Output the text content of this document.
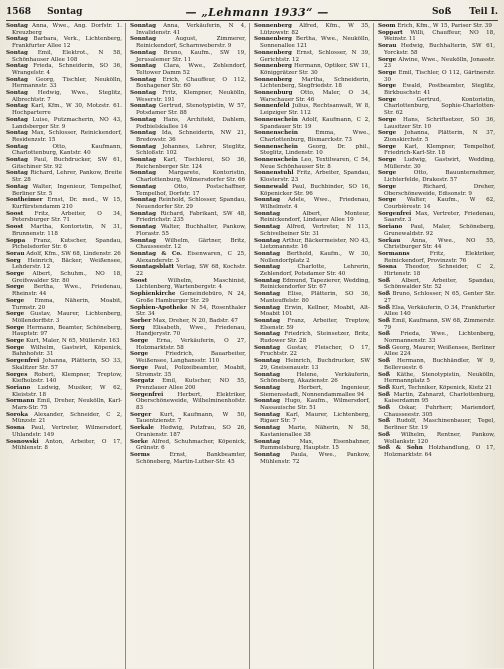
1568 Sontag	— „Lehmann 1933“ —	Soß Teil I.

Sontag Anna, Wwe., Ang. Dorfstr. 1. Kreuzberg

Sontag Barbara, Verk., Lichtenberg, Frankfurter Allee 12

Sontag Emil, Elektrot., N 58, Schönhauser Allee 108

Sontag Frieda, Schneiderin, SO 36, Wrangelstr. 4

Sontag Georg, Tischler, Neukölln, Hermannstr. 33

Sontag Hedwig, Wwe., Steglitz, Albrechtstr. 7

Sontag Karl, Kfm., W 30, Motzstr. 61. Hochparterre

Sontag Luise, Putzmacherin, NO 43, Landsberger Str. 9

Sontag Max, Schlosser, Reinickendorf, Residenzstr. 15

Sontag	Otto, Kaufmann, Charlottenburg, Kantstr. 40

Sontag Paul, Buchdrucker, SW 61, Gitschiner Str. 92

Sontag Richard, Lehrer, Pankow, Breite Str. 28

Sontag Walter, Ingenieur, Tempelhof, Berliner Str. 5

Sontheimer Ernst, Dr. med., W 15, Kurfürstendamm 210

Soost Fritz, Arbeiter, O 34, Petersburger Str. 71

Soost Martha, Kontoristin, N 31, Brunnenstr. 118

Soppa Franz, Kutscher, Spandau, Pichelsdorfer Str. 6

Sorau Adolf, Kfm., SW 68, Lindenstr. 26

Sorg Heinrich, Bäcker, Weißensee, Lehderstr. 12

Sorge Albert, Schuhm., NO 18, Greifswalder Str. 80

Sorge Bertha, Wwe., Friedenau, Rheinstr. 44

Sorge Emma, Näherin, Moabit, Turmstr. 20

Sorge Gustav, Maurer, Lichtenberg, Möllendorffstr. 3

Sorge Hermann, Beamter, Schöneberg, Hauptstr. 97

Sorge Kurt, Maler, N 65, Müllerstr. 163

Sorge Wilhelm, Gastwirt, Köpenick, Bahnhofstr. 31

Sorgenfrei Johanna, Plätterin, SO 33, Skalitzer Str. 57

Sorges Robert, Klempner, Treptow, Kiefholzstr. 140

Soriano Ludwig, Musiker, W 62, Kleiststr. 18

Sormann Emil, Dreher, Neukölln, Karl-Marx-Str. 75

Soroka Alexander, Schneider, C 2, Münzstr. 21

Sosna Paul, Vertreter, Wilmersdorf, Uhlandstr. 149

Sosnowski Anton, Arbeiter, O 17, Mühlenstr. 8

Sonntag Anna, Verkäuferin, N 4, Invalidenstr. 41

Sonntag	August, Zimmerer, Reinickendorf, Scharnweberstr. 9

Sonntag Bruno, Kaufm., SW 19, Jerusalemer Str. 11

Sonntag Clara, Wwe., Zehlendorf, Teltower Damm 52

Sonntag Erich, Chauffeur, O 112, Boxhagener Str. 60

Sonntag Fritz, Klempner, Neukölln, Weserstr. 191

Sonntag Gertrud, Stenotypistin, W 57, Potsdamer Str. 88

Sonntag Hans, Architekt, Dahlem, Podbielskiallee 14

Sonntag Ida, Schneiderin, NW 21, Bredowstr. 36

Sonntag Johannes, Lehrer, Steglitz, Schloßstr. 102

Sonntag Karl, Tischlerei, SO 36, Reichenberger Str. 124

Sonntag Margarete, Kontoristin, Charlottenburg, Wilmersdorfer Str. 66

Sonntag	Otto, Postschaffner, Tempelhof, Dorfstr. 17

Sonntag Reinhold, Schlosser, Spandau, Neuendorfer Str. 29

Sonntag Richard, Fabrikant, SW 48, Friedrichstr. 235

Sonntag Walter, Buchhalter, Pankow, Florastr. 55

Sonntag Wilhelm, Gärtner, Britz, Chausseestr. 12

Sonntag & Co. Eisenwaren, C 25, Alexanderstr. 3

Sonntagsblatt Verlag, SW 68, Kochstr. 22

Soost	Wilhelm, Maschinist, Lichtenberg, Wartenbergstr. 4

Sophienkirche Gemeindebüro, N 24, Große Hamburger Str. 29

Sophien-Apotheke N 54, Rosenthaler Str. 34

Sorber Max, Dreher, N 20, Badstr. 47

Sorg Elisabeth, Wwe., Friedenau, Handjerystr. 70

Sorge Erna, Verkäuferin, O 27, Holzmarktstr. 58

Sorge	Friedrich, Bauarbeiter, Weißensee, Langhansstr. 110

Sorge Paul, Polizeibeamter, Moabit, Stromstr. 35

Sorgatz Emil, Kutscher, NO 55, Prenzlauer Allee 200

Sorgenfrei	Herbert, Elektriker, Oberschöneweide, Wilhelminenhofstr. 83

Sorger Kurt, Kaufmann, W 50, Tauentzienstr. 7

Sorkale Hedwig, Putzfrau, SO 26, Oranienstr. 187

Sorke Alfred, Schuhmacher, Köpenick, Grünstr. 6

Sorms	Ernst, Bankbeamter, Schöneberg, Martin-Luther-Str. 45

Sonnenberg Alfred, Kfm., W 35, Lützowstr. 82

Sonnenberg Bertha, Wwe., Neukölln, Sonnenallee 121

Sonnenberg Ernst, Schlosser, N 39, Gerichtstr. 12

Sonnenberg Hermann, Optiker, SW 11, Königgrätzer Str. 30

Sonnenberg Martha, Schneiderin, Lichtenberg, Siegfriedstr. 18

Sonnenburg Otto, Maler, O 34, Warschauer Str. 46

Sonnenfeld Julius, Rechtsanwalt, W 8, Leipziger Str. 112

Sonnenschein Adolf, Kaufmann, C 2, Spandauer Str. 19

Sonnenschein	Emma, Wwe., Charlottenburg, Bismarckstr. 73

Sonnenschein Georg, Dr. phil., Steglitz, Lindenstr. 10

Sonnenschein Leo, Textilwaren, C 54, Neue Schönhauser Str. 8

Sonnenstuhl Fritz, Arbeiter, Spandau, Klosterstr. 23

Sonnewald Paul, Buchbinder, SO 16, Köpenicker Str. 96

Sonntag Adele, Wwe., Friedenau, Wilhelmstr. 4

Sonntag	Albert, Monteur, Reinickendorf, Lindauer Allee 19

Sonntag Alfred, Vertreter, N 113, Schivelbeiner Str. 31

Sonntag Arthur, Bäckermeister, NO 43, Lietzmannstr. 16

Sonntag Berthold, Kaufm., W 30, Nollendorfplatz 2

Sonntag	Charlotte, Lehrerin, Zehlendorf, Potsdamer Str. 40

Sonntag Edmund, Tapezierer, Wedding, Reinickendorfer Str. 67

Sonntag Elise, Plätterin, SO 36, Manteuffelstr. 80

Sonntag Erwin, Kellner, Moabit, Alt-Moabit 101

Sonntag Franz, Arbeiter, Treptow, Elsenstr. 59

Sonntag Friedrich, Steinsetzer, Britz, Rudower Str. 28

Sonntag Gustav, Fleischer, O 17, Fruchtstr. 22

Sonntag Heinrich, Buchdrucker, SW 29, Gneisenaustr. 13

Sonntag	Helene, Verkäuferin, Schöneberg, Akazienstr. 26

Sonntag	Herbert, Ingenieur, Siemensstadt, Nonnendammallee 94

Sonntag Hugo, Kaufm., Wilmersdorf, Nassauische Str. 51

Sonntag Karl, Maurer, Lichtenberg, Rigaer Str. 7

Sonntag Marie, Näherin, N 58, Kastanienallee 38

Sonntag	Max, Eisenbahner, Rummelsburg, Hauptstr. 15

Sonntag Paula, Wwe., Pankow, Mühlenstr. 72

Soom Erich, Kfm., W 15, Pariser Str. 39

Soppart Willi, Chauffeur, NO 18, Weinstr. 11

Sorau Hedwig, Buchhalterin, SW 61, Yorckstr. 58

Sorge Alwine, Wwe., Neukölln, Jonasstr. 23

Sorge Emil, Tischler, O 112, Gärtnerstr. 30

Sorge Ewald, Postbeamter, Steglitz, Birkbuschstr. 41

Sorge	Gertrud, Kontoristin, Charlottenburg, Sophie-Charlotten-Str. 62

Sorge Hans, Schriftsetzer, SO 36, Lausitzer Str. 10

Sorge Johanna, Plätterin, N 37, Zionskirchstr. 5

Sorge Karl, Klempner, Tempelhof, Friedrich-Karl-Str. 18

Sorge Ludwig, Gastwirt, Wedding, Müllerstr. 30

Sorge	Otto, Bauunternehmer, Lichterfelde, Drakestr. 57

Sorge	Richard, Dreher, Oberschöneweide, Edisonstr. 9

Sorge Walter, Kaufm., W 62, Courbièrestr. 14

Sorgenfrei Max, Vertreter, Friedenau, Saarstr. 3

Soriano Paul, Maler, Schöneberg, Grunewaldstr. 92

Sorkau Anna, Wwe., NO 55, Christburger Str. 44

Sormanns	Fritz, Elektriker, Reinickendorf, Provinzstr. 76

Sosna Theodor, Schneider, C 2, Hirtenstr. 18

Soß Albert, Arbeiter, Spandau, Schönwalder Str. 52

Soß Bruno, Schlosser, N 65, Genter Str. 27

Soß Elsa, Verkäuferin, O 34, Frankfurter Allee 140

Soß Emil, Kaufmann, SW 68, Zimmerstr. 79

Soß Frieda, Wwe., Lichtenberg, Normannenstr. 33

Soß Georg, Maurer, Weißensee, Berliner Allee 224

Soß Hermann, Buchhändler, W 9, Bellevuestr. 6

Soß Käthe, Stenotypistin, Neukölln, Hermannplatz 5

Soß Kurt, Techniker, Köpenick, Kietz 21

Soß Martin, Zahnarzt, Charlottenburg, Kaiserdamm 95

Soß Oskar, Fuhrherr, Mariendorf, Chausseestr. 305

Soß Rudolf, Maschinenbauer, Tegel, Berliner Str. 19

Soß Wilhelm, Rentner, Pankow, Wollankstr. 120

Soß & Sohn Holzhandlung, O 17, Holzmarktstr. 64
